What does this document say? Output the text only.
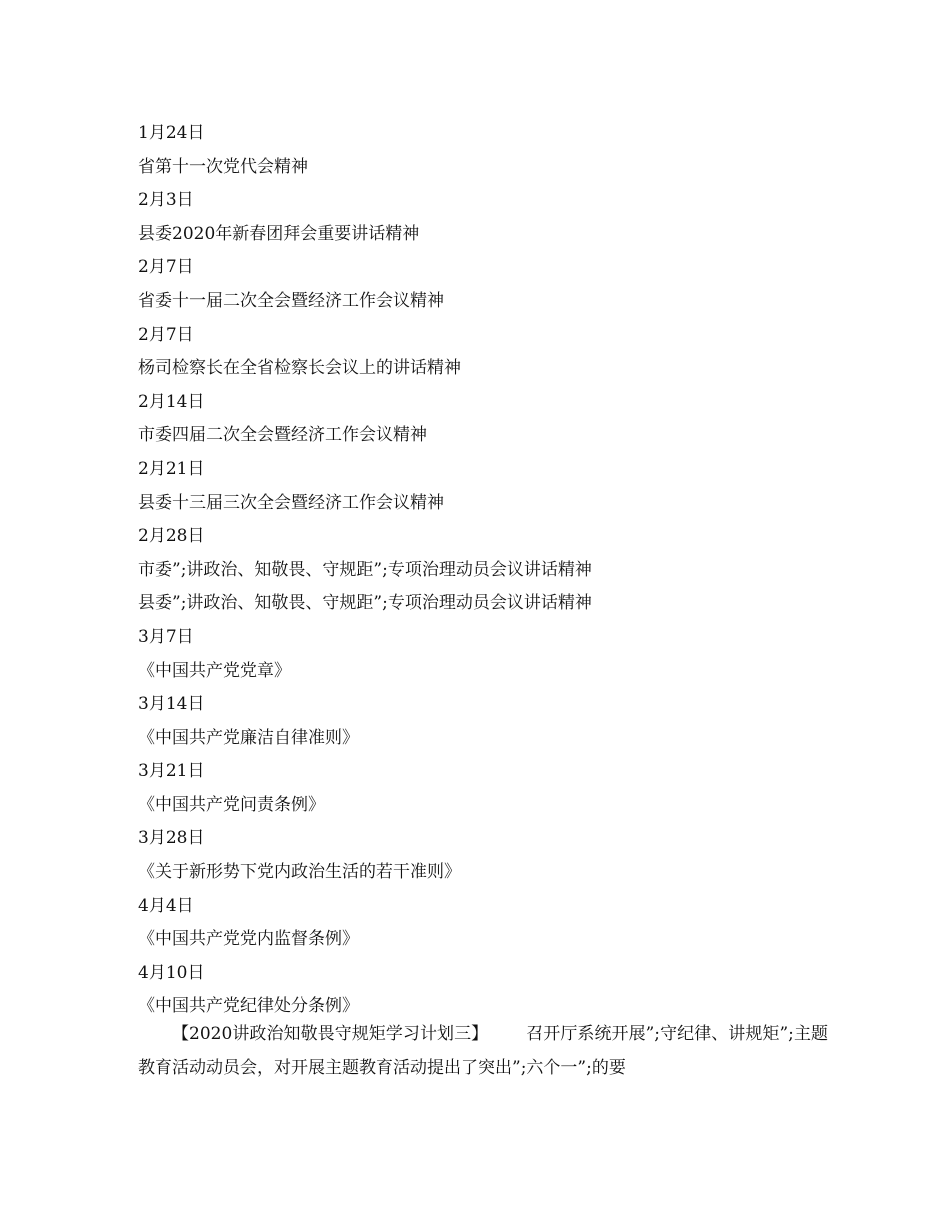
1月24日
省第十一次党代会精神
2月3日
县委2020年新春团拜会重要讲话精神
2月7日
省委十一届二次全会暨经济工作会议精神
2月7日
杨司检察长在全省检察长会议上的讲话精神
2月14日
市委四届二次全会暨经济工作会议精神
2月21日
县委十三届三次全会暨经济工作会议精神
2月28日
市委”;讲政治、知敬畏、守规距”;专项治理动员会议讲话精神
县委”;讲政治、知敬畏、守规距”;专项治理动员会议讲话精神
3月7日
《中国共产党党章》
3月14日
《中国共产党廉洁自律准则》
3月21日
《中国共产党问责条例》
3月28日
《关于新形势下党内政治生活的若干准则》
4月4日
《中国共产党党内监督条例》
4月10日
《中国共产党纪律处分条例》
【2020讲政治知敬畏守规矩学习计划三】 召开厅系统开展”;守纪律、讲规矩”;主题教育活动动员会，对开展主题教育活动提出了突出”;六个一”;的要
